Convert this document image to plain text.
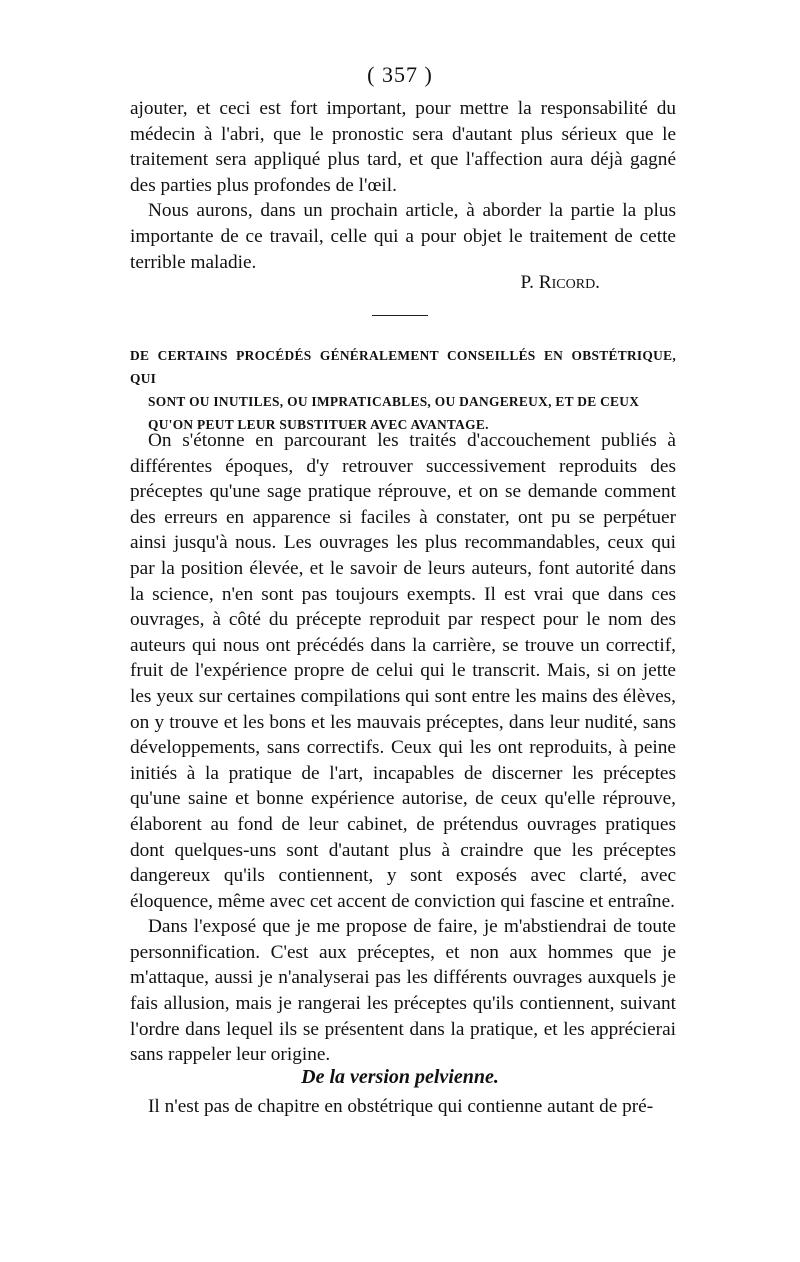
( 357 )

ajouter, et ceci est fort important, pour mettre la responsabilité du médecin à l'abri, que le pronostic sera d'autant plus sérieux que le traitement sera appliqué plus tard, et que l'affection aura déjà gagné des parties plus profondes de l'œil.

Nous aurons, dans un prochain article, à aborder la partie la plus importante de ce travail, celle qui a pour objet le traitement de cette terrible maladie.

P. Ricord.
DE CERTAINS PROCÉDÉS GÉNÉRALEMENT CONSEILLÉS EN OBSTÉTRIQUE, QUI
SONT OU INUTILES, OU IMPRATICABLES, OU DANGEREUX, ET DE CEUX
QU'ON PEUT LEUR SUBSTITUER AVEC AVANTAGE.

On s'étonne en parcourant les traités d'accouchement publiés à différentes époques, d'y retrouver successivement reproduits des préceptes qu'une sage pratique réprouve, et on se demande comment des erreurs en apparence si faciles à constater, ont pu se perpétuer ainsi jusqu'à nous. Les ouvrages les plus recommandables, ceux qui par la position élevée, et le savoir de leurs auteurs, font autorité dans la science, n'en sont pas toujours exempts. Il est vrai que dans ces ouvrages, à côté du précepte reproduit par respect pour le nom des auteurs qui nous ont précédés dans la carrière, se trouve un correctif, fruit de l'expérience propre de celui qui le transcrit. Mais, si on jette les yeux sur certaines compilations qui sont entre les mains des élèves, on y trouve et les bons et les mauvais préceptes, dans leur nudité, sans développements, sans correctifs. Ceux qui les ont reproduits, à peine initiés à la pratique de l'art, incapables de discerner les préceptes qu'une saine et bonne expérience autorise, de ceux qu'elle réprouve, élaborent au fond de leur cabinet, de prétendus ouvrages pratiques dont quelques-uns sont d'autant plus à craindre que les préceptes dangereux qu'ils contiennent, y sont exposés avec clarté, avec éloquence, même avec cet accent de conviction qui fascine et entraîne.

Dans l'exposé que je me propose de faire, je m'abstiendrai de toute personnification. C'est aux préceptes, et non aux hommes que je m'attaque, aussi je n'analyserai pas les différents ouvrages auxquels je fais allusion, mais je rangerai les préceptes qu'ils contiennent, suivant l'ordre dans lequel ils se présentent dans la pratique, et les apprécierai sans rappeler leur origine.

De la version pelvienne.

Il n'est pas de chapitre en obstétrique qui contienne autant de pré-
